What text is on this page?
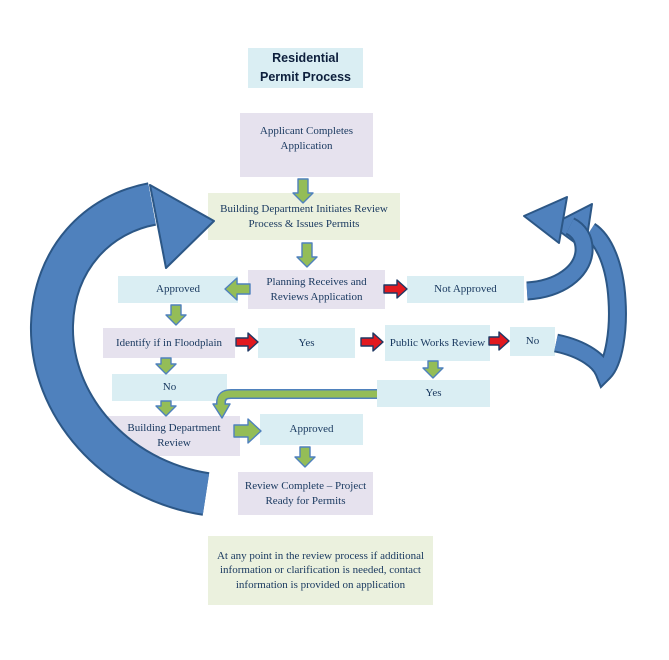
Residential
Permit Process
Applicant Completes Application
Building Department Initiates Review Process & Issues Permits
Approved
Planning Receives and Reviews Application
Not Approved
Identify if in Floodplain	Yes	Public Works Review	No
No	Yes
Building Department Review
Approved
Review Complete – Project Ready for Permits
At any point in the review process if additional information or clarification is needed, contact information is provided on application
